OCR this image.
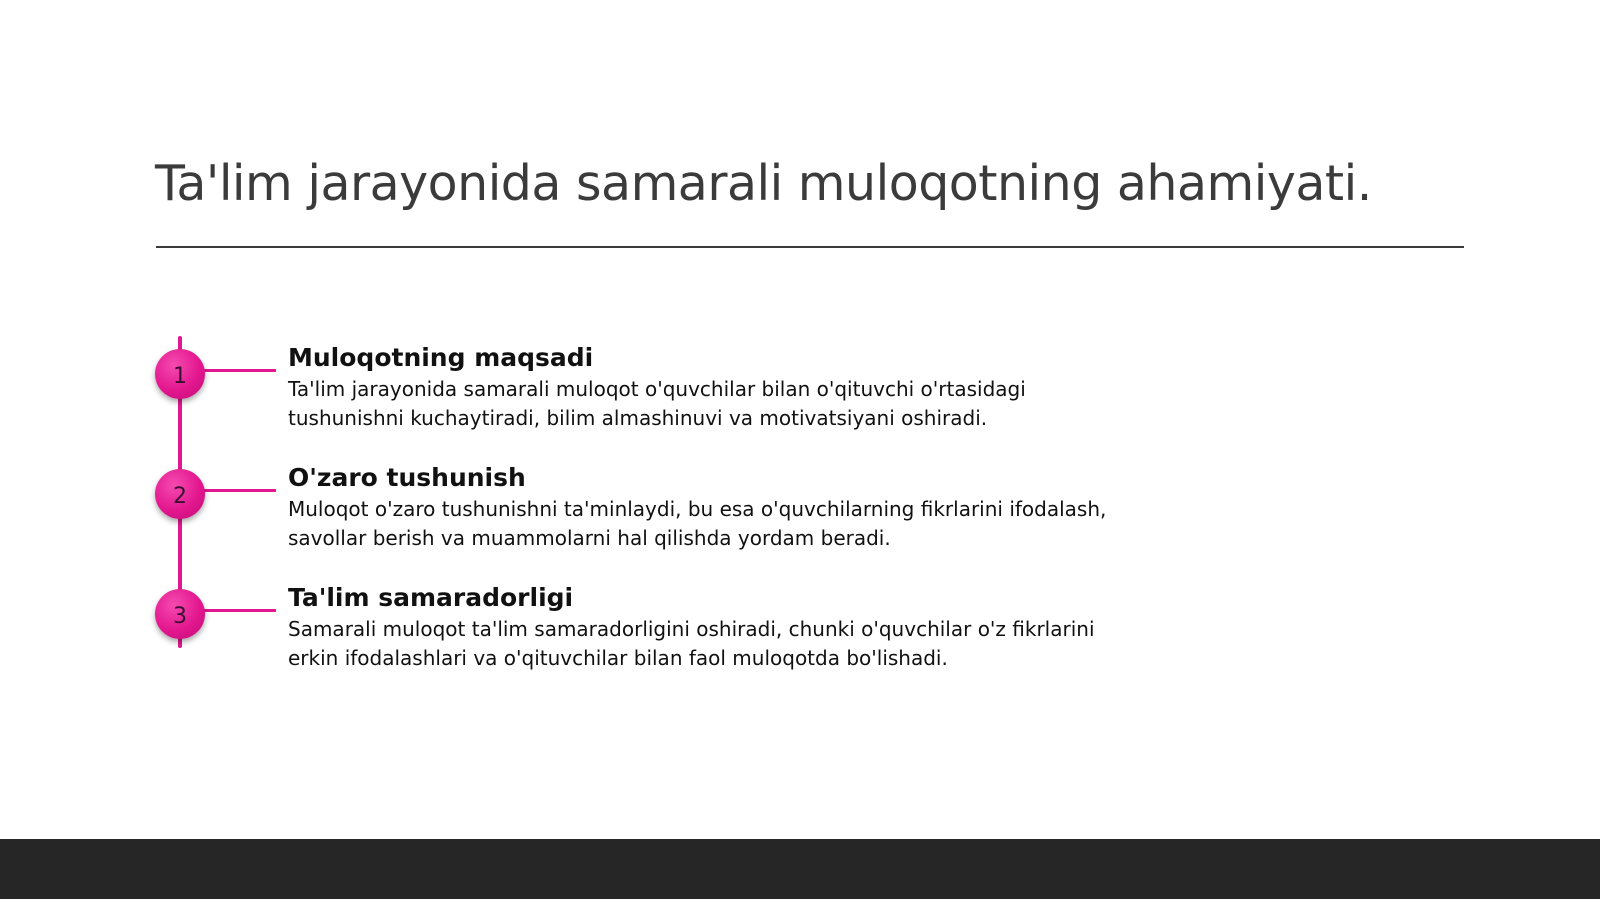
Ta'lim jarayonida samarali muloqotning ahamiyati.
1
Muloqotning maqsadi

Ta'lim jarayonida samarali muloqot o'quvchilar bilan o'qituvchi o'rtasidagi tushunishni kuchaytiradi, bilim almashinuvi va motivatsiyani oshiradi.

2
O'zaro tushunish

Muloqot o'zaro tushunishni ta'minlaydi, bu esa o'quvchilarning fikrlarini ifodalash, savollar berish va muammolarni hal qilishda yordam beradi.

3
Ta'lim samaradorligi

Samarali muloqot ta'lim samaradorligini oshiradi, chunki o'quvchilar o'z fikrlarini erkin ifodalashlari va o'qituvchilar bilan faol muloqotda bo'lishadi.
